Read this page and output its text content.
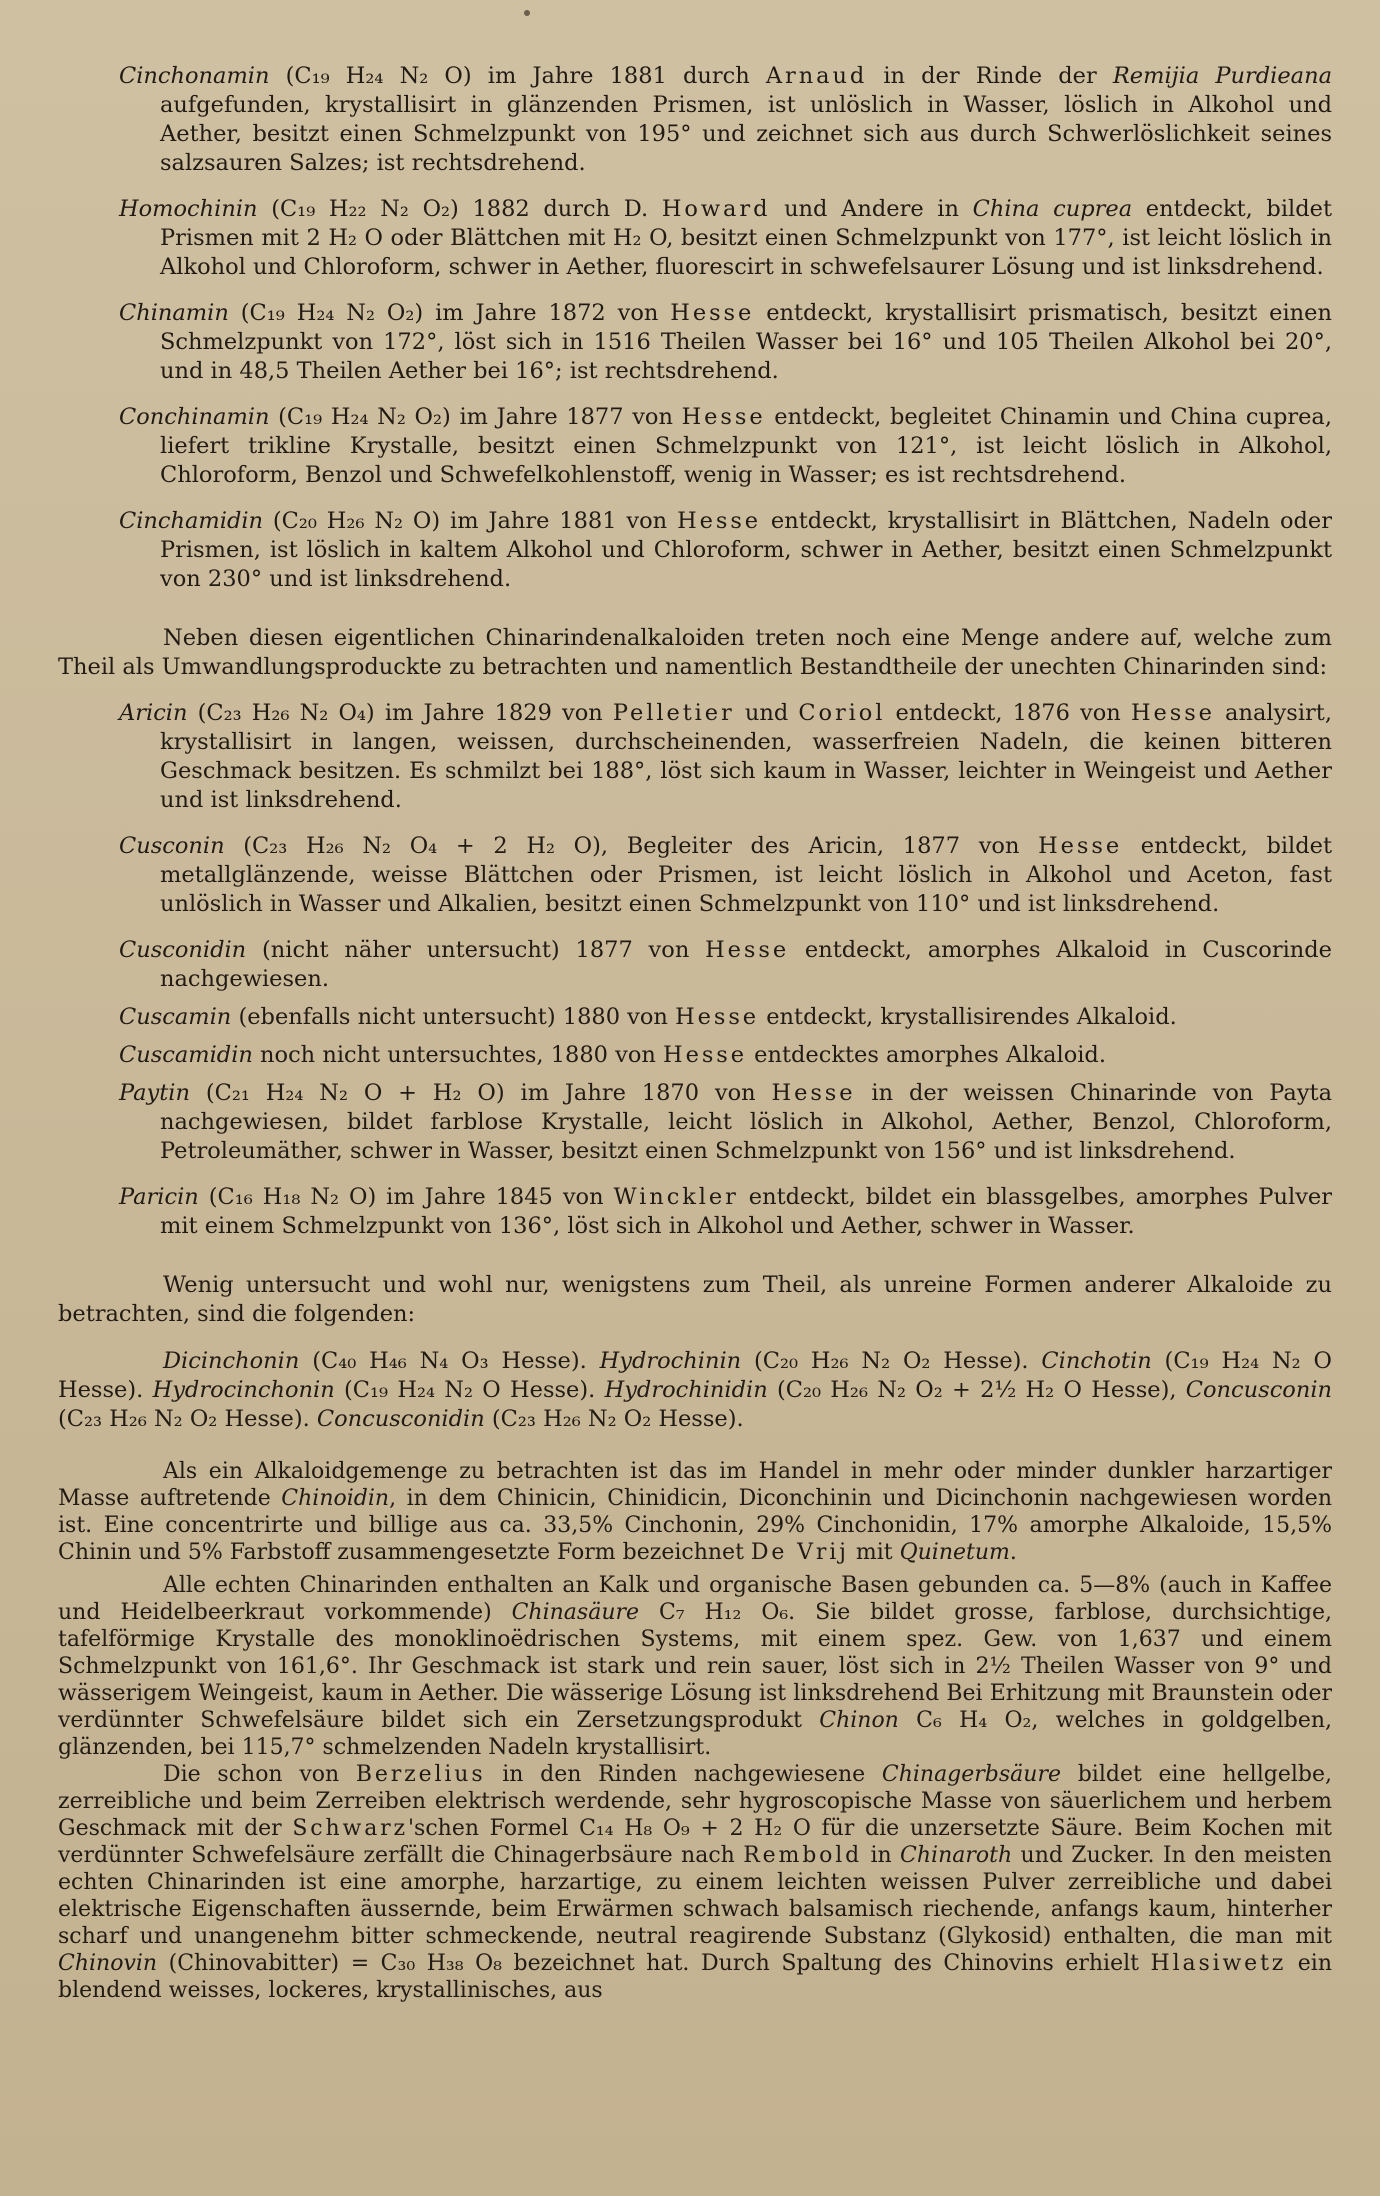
Cinchonamin (C₁₉ H₂₄ N₂ O) im Jahre 1881 durch Arnaud in der Rinde der Remijia Purdieana aufgefunden, krystallisirt in glänzenden Prismen, ist unlöslich in Wasser, löslich in Alkohol und Aether, besitzt einen Schmelzpunkt von 195° und zeichnet sich aus durch Schwerlöslichkeit seines salzsauren Salzes; ist rechtsdrehend.
Homochinin (C₁₉ H₂₂ N₂ O₂) 1882 durch D. Howard und Andere in China cuprea entdeckt, bildet Prismen mit 2 H₂ O oder Blättchen mit H₂ O, besitzt einen Schmelzpunkt von 177°, ist leicht löslich in Alkohol und Chloroform, schwer in Aether, fluorescirt in schwefelsaurer Lösung und ist linksdrehend.
Chinamin (C₁₉ H₂₄ N₂ O₂) im Jahre 1872 von Hesse entdeckt, krystallisirt prismatisch, besitzt einen Schmelzpunkt von 172°, löst sich in 1516 Theilen Wasser bei 16° und 105 Theilen Alkohol bei 20°, und in 48,5 Theilen Aether bei 16°; ist rechtsdrehend.
Conchinamin (C₁₉ H₂₄ N₂ O₂) im Jahre 1877 von Hesse entdeckt, begleitet Chinamin und China cuprea, liefert trikline Krystalle, besitzt einen Schmelzpunkt von 121°, ist leicht löslich in Alkohol, Chloroform, Benzol und Schwefelkohlenstoff, wenig in Wasser; es ist rechtsdrehend.
Cinchamidin (C₂₀ H₂₆ N₂ O) im Jahre 1881 von Hesse entdeckt, krystallisirt in Blättchen, Nadeln oder Prismen, ist löslich in kaltem Alkohol und Chloroform, schwer in Aether, besitzt einen Schmelzpunkt von 230° und ist linksdrehend.

Neben diesen eigentlichen Chinarindenalkaloiden treten noch eine Menge andere auf, welche zum Theil als Umwandlungsproduckte zu betrachten und namentlich Bestandtheile der unechten Chinarinden sind:

Aricin (C₂₃ H₂₆ N₂ O₄) im Jahre 1829 von Pelletier und Coriol entdeckt, 1876 von Hesse analysirt, krystallisirt in langen, weissen, durchscheinenden, wasserfreien Nadeln, die keinen bitteren Geschmack besitzen. Es schmilzt bei 188°, löst sich kaum in Wasser, leichter in Weingeist und Aether und ist linksdrehend.
Cusconin (C₂₃ H₂₆ N₂ O₄ + 2 H₂ O), Begleiter des Aricin, 1877 von Hesse entdeckt, bildet metallglänzende, weisse Blättchen oder Prismen, ist leicht löslich in Alkohol und Aceton, fast unlöslich in Wasser und Alkalien, besitzt einen Schmelzpunkt von 110° und ist linksdrehend.
Cusconidin (nicht näher untersucht) 1877 von Hesse entdeckt, amorphes Alkaloid in Cuscorinde nachgewiesen.
Cuscamin (ebenfalls nicht untersucht) 1880 von Hesse entdeckt, krystallisirendes Alkaloid.
Cuscamidin noch nicht untersuchtes, 1880 von Hesse entdecktes amorphes Alkaloid.
Paytin (C₂₁ H₂₄ N₂ O + H₂ O) im Jahre 1870 von Hesse in der weissen Chinarinde von Payta nachgewiesen, bildet farblose Krystalle, leicht löslich in Alkohol, Aether, Benzol, Chloroform, Petroleumäther, schwer in Wasser, besitzt einen Schmelzpunkt von 156° und ist linksdrehend.
Paricin (C₁₆ H₁₈ N₂ O) im Jahre 1845 von Winckler entdeckt, bildet ein blassgelbes, amorphes Pulver mit einem Schmelzpunkt von 136°, löst sich in Alkohol und Aether, schwer in Wasser.

Wenig untersucht und wohl nur, wenigstens zum Theil, als unreine Formen anderer Alkaloide zu betrachten, sind die folgenden:

Dicinchonin (C₄₀ H₄₆ N₄ O₃ Hesse). Hydrochinin (C₂₀ H₂₆ N₂ O₂ Hesse). Cinchotin (C₁₉ H₂₄ N₂ O Hesse). Hydrocinchonin (C₁₉ H₂₄ N₂ O Hesse). Hydrochinidin (C₂₀ H₂₆ N₂ O₂ + 2½ H₂ O Hesse), Concusconin (C₂₃ H₂₆ N₂ O₂ Hesse). Concusconidin (C₂₃ H₂₆ N₂ O₂ Hesse).

Als ein Alkaloidgemenge zu betrachten ist das im Handel in mehr oder minder dunkler harzartiger Masse auftretende Chinoidin, in dem Chinicin, Chinidicin, Diconchinin und Dicinchonin nachgewiesen worden ist. Eine concentrirte und billige aus ca. 33,5% Cinchonin, 29% Cinchonidin, 17% amorphe Alkaloide, 15,5% Chinin und 5% Farbstoff zusammengesetzte Form bezeichnet De Vrij mit Quinetum.

Alle echten Chinarinden enthalten an Kalk und organische Basen gebunden ca. 5—8% (auch in Kaffee und Heidelbeerkraut vorkommende) Chinasäure C₇ H₁₂ O₆. Sie bildet grosse, farblose, durchsichtige, tafelförmige Krystalle des monoklinoëdrischen Systems, mit einem spez. Gew. von 1,637 und einem Schmelzpunkt von 161,6°. Ihr Geschmack ist stark und rein sauer, löst sich in 2½ Theilen Wasser von 9° und wässerigem Weingeist, kaum in Aether. Die wässerige Lösung ist linksdrehend Bei Erhitzung mit Braunstein oder verdünnter Schwefelsäure bildet sich ein Zersetzungsprodukt Chinon C₆ H₄ O₂, welches in goldgelben, glänzenden, bei 115,7° schmelzenden Nadeln krystallisirt.

Die schon von Berzelius in den Rinden nachgewiesene Chinagerbsäure bildet eine hellgelbe, zerreibliche und beim Zerreiben elektrisch werdende, sehr hygroscopische Masse von säuerlichem und herbem Geschmack mit der Schwarz'schen Formel C₁₄ H₈ O₉ + 2 H₂ O für die unzersetzte Säure. Beim Kochen mit verdünnter Schwefelsäure zerfällt die Chinagerbsäure nach Rembold in Chinaroth und Zucker. In den meisten echten Chinarinden ist eine amorphe, harzartige, zu einem leichten weissen Pulver zerreibliche und dabei elektrische Eigenschaften äussernde, beim Erwärmen schwach balsamisch riechende, anfangs kaum, hinterher scharf und unangenehm bitter schmeckende, neutral reagirende Substanz (Glykosid) enthalten, die man mit Chinovin (Chinovabitter) = C₃₀ H₃₈ O₈ bezeichnet hat. Durch Spaltung des Chinovins erhielt Hlasiwetz ein blendend weisses, lockeres, krystallinisches, aus
